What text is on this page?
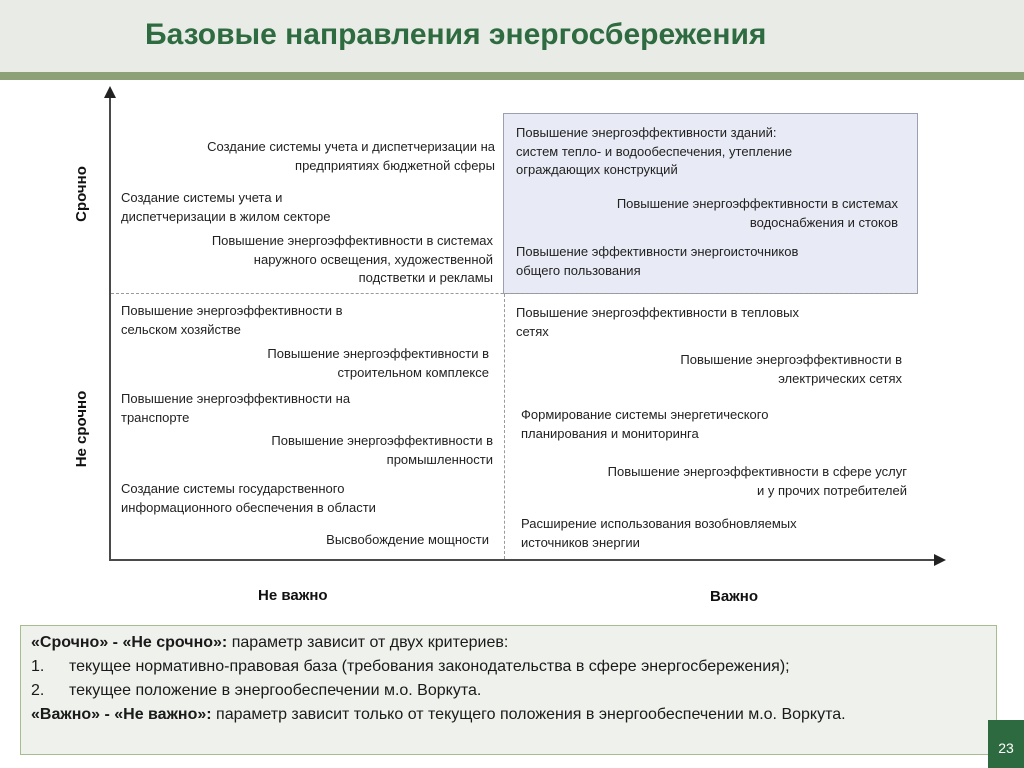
Базовые направления энергосбережения
Срочно
Не срочно
Не важно	Важно
Создание системы учета и диспетчеризации на
предприятиях бюджетной сферы
Создание системы учета и
диспетчеризации в жилом секторе
Повышение энергоэффективности в системах
наружного освещения, художественной
подстветки и рекламы
Повышение энергоэффективности зданий:
систем тепло- и водообеспечения, утепление
ограждающих конструкций
Повышение энергоэффективности в системах
водоснабжения и стоков
Повышение эффективности энергоисточников
общего пользования
Повышение энергоэффективности в
сельском хозяйстве
Повышение энергоэффективности в
строительном комплексе
Повышение энергоэффективности на
транспорте
Повышение энергоэффективности в
промышленности
Создание системы государственного
информационного обеспечения в области
Высвобождение мощности
Повышение энергоэффективности в тепловых
сетях
Повышение энергоэффективности в
электрических сетях
Формирование системы энергетического
планирования и мониторинга
Повышение энергоэффективности в сфере услуг
и у прочих потребителей
Расширение использования возобновляемых
источников энергии
«Срочно» - «Не срочно»: параметр зависит от двух критериев:
1. текущее нормативно-правовая база (требования законодательства в сфере энергосбережения);
2. текущее положение в энергообеспечении м.о. Воркута.
«Важно» - «Не важно»: параметр зависит только от текущего положения в энергообеспечении м.о. Воркута.
23
